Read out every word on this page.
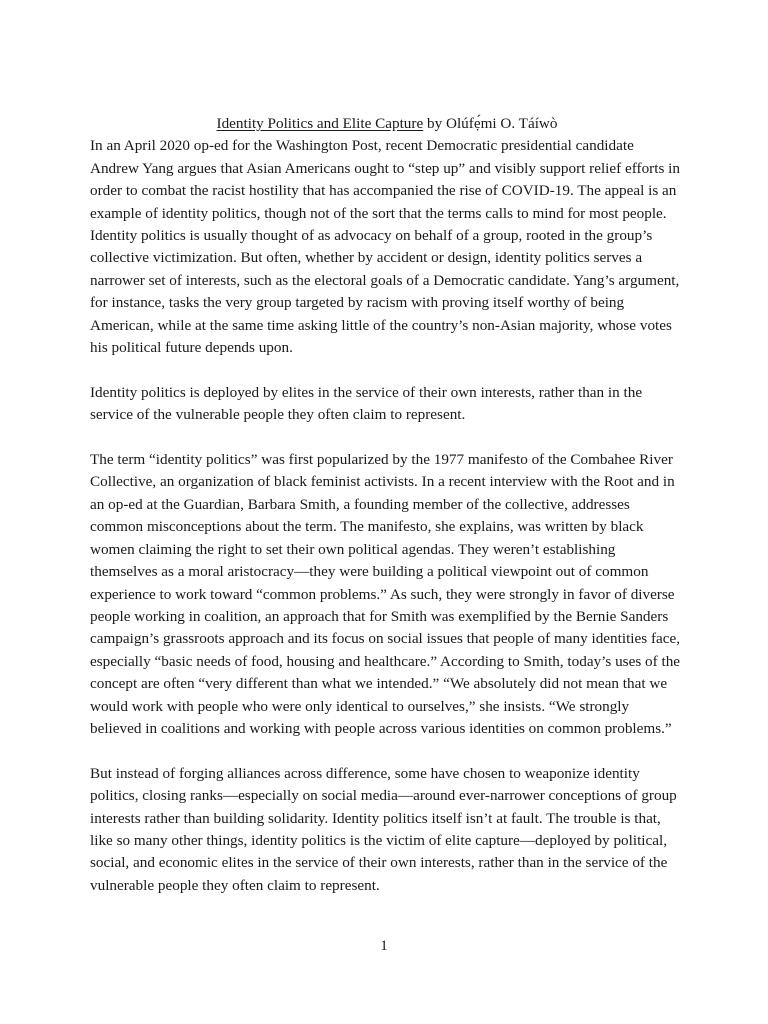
Identity Politics and Elite Capture by Olúfẹ́mi O. Táíwò

In an April 2020 op-ed for the Washington Post, recent Democratic presidential candidate Andrew Yang argues that Asian Americans ought to “step up” and visibly support relief efforts in order to combat the racist hostility that has accompanied the rise of COVID-19. The appeal is an example of identity politics, though not of the sort that the terms calls to mind for most people. Identity politics is usually thought of as advocacy on behalf of a group, rooted in the group’s collective victimization. But often, whether by accident or design, identity politics serves a narrower set of interests, such as the electoral goals of a Democratic candidate. Yang’s argument, for instance, tasks the very group targeted by racism with proving itself worthy of being American, while at the same time asking little of the country’s non-Asian majority, whose votes his political future depends upon.

Identity politics is deployed by elites in the service of their own interests, rather than in the service of the vulnerable people they often claim to represent.

The term “identity politics” was first popularized by the 1977 manifesto of the Combahee River Collective, an organization of black feminist activists. In a recent interview with the Root and in an op-ed at the Guardian, Barbara Smith, a founding member of the collective, addresses common misconceptions about the term. The manifesto, she explains, was written by black women claiming the right to set their own political agendas. They weren’t establishing themselves as a moral aristocracy—they were building a political viewpoint out of common experience to work toward “common problems.” As such, they were strongly in favor of diverse people working in coalition, an approach that for Smith was exemplified by the Bernie Sanders campaign’s grassroots approach and its focus on social issues that people of many identities face, especially “basic needs of food, housing and healthcare.” According to Smith, today’s uses of the concept are often “very different than what we intended.” “We absolutely did not mean that we would work with people who were only identical to ourselves,” she insists. “We strongly believed in coalitions and working with people across various identities on common problems.”

But instead of forging alliances across difference, some have chosen to weaponize identity politics, closing ranks—especially on social media—around ever-narrower conceptions of group interests rather than building solidarity. Identity politics itself isn’t at fault. The trouble is that, like so many other things, identity politics is the victim of elite capture—deployed by political, social, and economic elites in the service of their own interests, rather than in the service of the vulnerable people they often claim to represent.

1
